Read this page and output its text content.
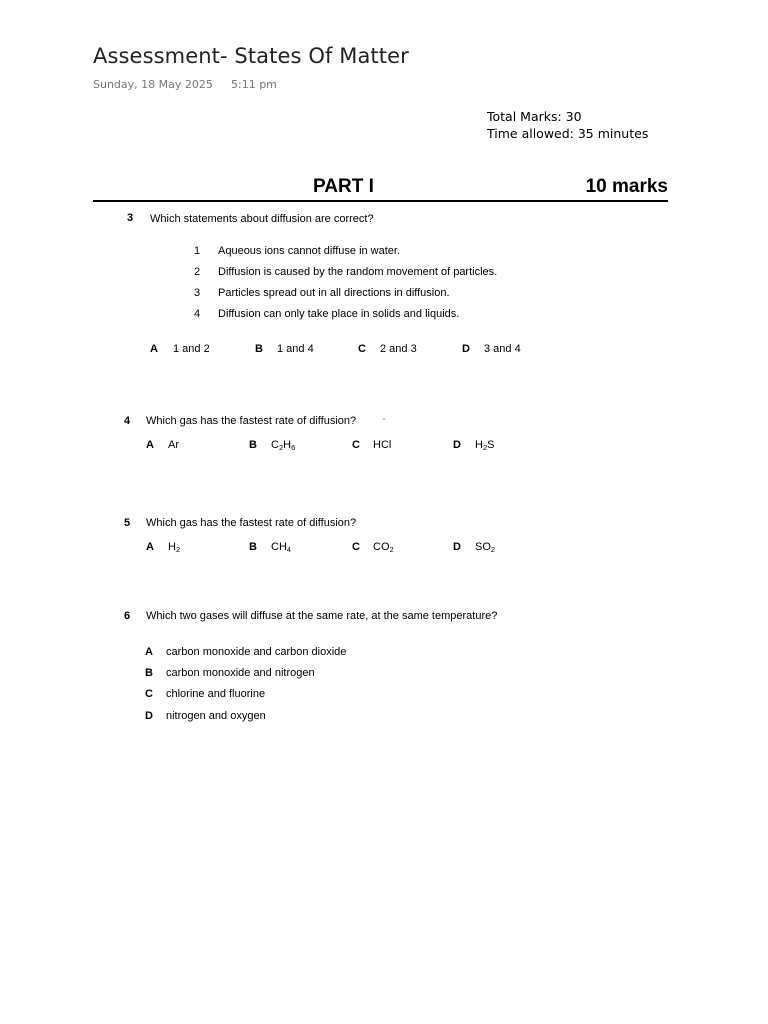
Assessment- States Of Matter
Sunday, 18 May 2025 5:11 pm
Total Marks: 30
Time allowed: 35 minutes
PART I	10 marks
3 Which statements about diffusion are correct?
1 Aqueous ions cannot diffuse in water.
2 Diffusion is caused by the random movement of particles.
3 Particles spread out in all directions in diffusion.
4 Diffusion can only take place in solids and liquids.
A 1 and 2	B 1 and 4	C 2 and 3	D 3 and 4
4 Which gas has the fastest rate of diffusion?
A Ar	B $C_2H_6$	C HCl	D $H_2S$
5 Which gas has the fastest rate of diffusion?
A $H_2$	B $CH_4$	C $CO_2$	D $SO_2$
6 Which two gases will diffuse at the same rate, at the same temperature?
A carbon monoxide and carbon dioxide
B carbon monoxide and nitrogen
C chlorine and fluorine
D nitrogen and oxygen
